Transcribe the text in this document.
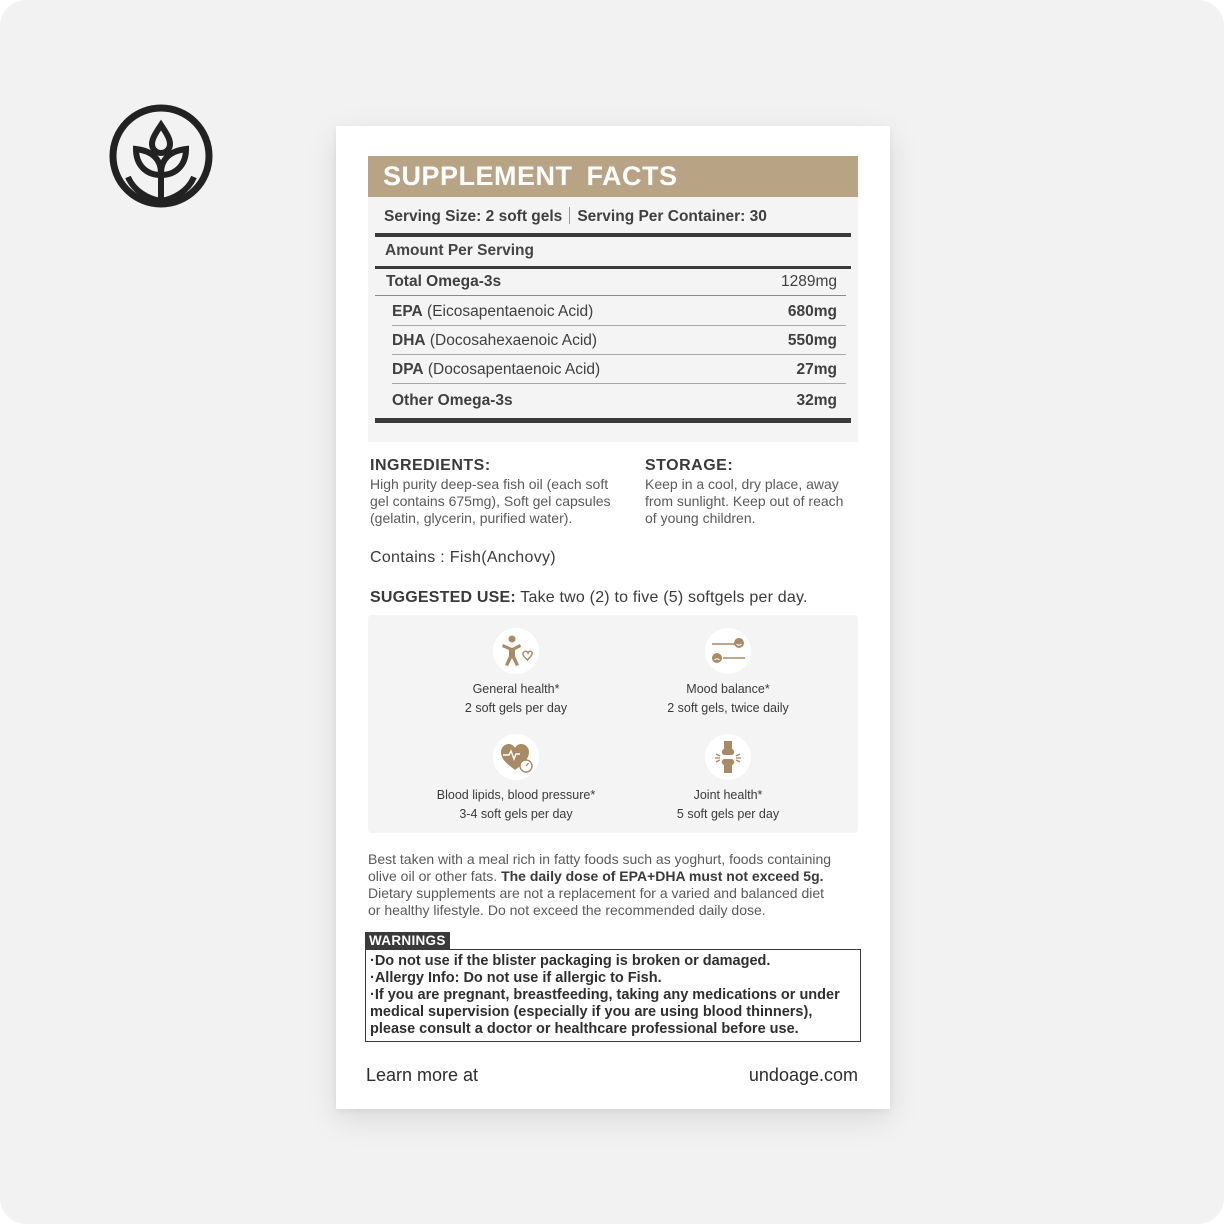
SUPPLEMENT FACTS
Serving Size: 2 soft gels Serving Per Container: 30
Amount Per Serving
Total Omega-3s	1289mg
EPA (Eicosapentaenoic Acid)	680mg
DHA (Docosahexaenoic Acid)	550mg
DPA (Docosapentaenoic Acid)	27mg
Other Omega-3s	32mg
INGREDIENTS:
High purity deep-sea fish oil (each soft
gel contains 675mg), Soft gel capsules
(gelatin, glycerin, purified water).
STORAGE:
Keep in a cool, dry place, away
from sunlight. Keep out of reach
of young children.
Contains : Fish(Anchovy)
SUGGESTED USE: Take two (2) to five (5) softgels per day.
General health*
2 soft gels per day
Mood balance*
2 soft gels, twice daily
Blood lipids, blood pressure*
3-4 soft gels per day
Joint health*
5 soft gels per day
Best taken with a meal rich in fatty foods such as yoghurt, foods containing
olive oil or other fats. The daily dose of EPA+DHA must not exceed 5g.
Dietary supplements are not a replacement for a varied and balanced diet
or healthy lifestyle. Do not exceed the recommended daily dose.
WARNINGS
·Do not use if the blister packaging is broken or damaged.
·Allergy Info: Do not use if allergic to Fish.
·If you are pregnant, breastfeeding, taking any medications or under
medical supervision (especially if you are using blood thinners),
please consult a doctor or healthcare professional before use.
Learn more at	undoage.com
